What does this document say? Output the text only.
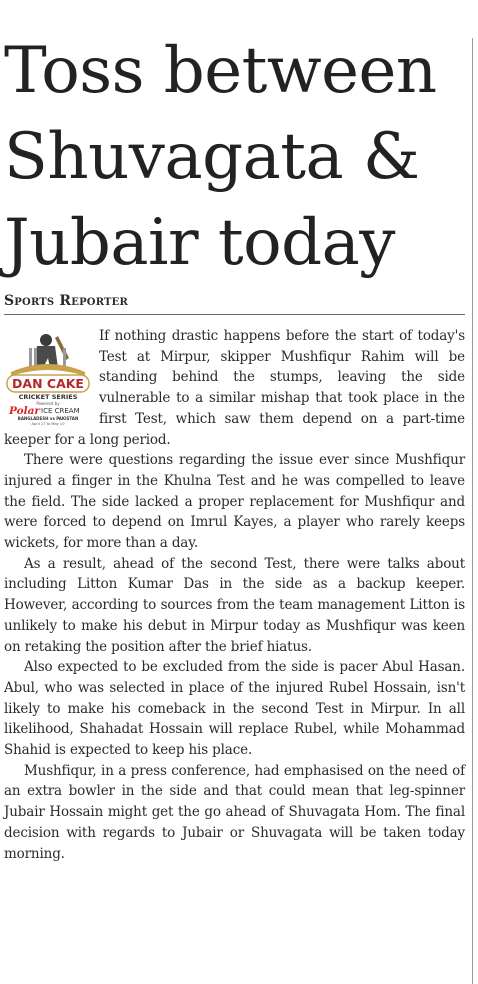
Toss between
Shuvagata &
Jubair today
Sports Reporter
DAN CAKE
CRICKET SERIES
Powered by
Polar ICE CREAM
BANGLADESH vs PAKISTAN
April 17 to May 10

If nothing drastic happens before the start of today's Test at Mirpur, skipper Mushfiqur Rahim will be standing behind the stumps, leaving the side vulnerable to a similar mishap that took place in the first Test, which saw them depend on a part-time keeper for a long period.

There were questions regarding the issue ever since Mushfiqur injured a finger in the Khulna Test and he was compelled to leave the field. The side lacked a proper replacement for Mushfiqur and were forced to depend on Imrul Kayes, a player who rarely keeps wickets, for more than a day.

As a result, ahead of the second Test, there were talks about including Litton Kumar Das in the side as a backup keeper. However, according to sources from the team management Litton is unlikely to make his debut in Mirpur today as Mushfiqur was keen on retaking the position after the brief hiatus.

Also expected to be excluded from the side is pacer Abul Hasan. Abul, who was selected in place of the injured Rubel Hossain, isn't likely to make his comeback in the second Test in Mirpur. In all likelihood, Shahadat Hossain will replace Rubel, while Mohammad Shahid is expected to keep his place.

Mushfiqur, in a press conference, had emphasised on the need of an extra bowler in the side and that could mean that leg-spinner Jubair Hossain might get the go ahead of Shuvagata Hom. The final decision with regards to Jubair or Shuvagata will be taken today morning.
